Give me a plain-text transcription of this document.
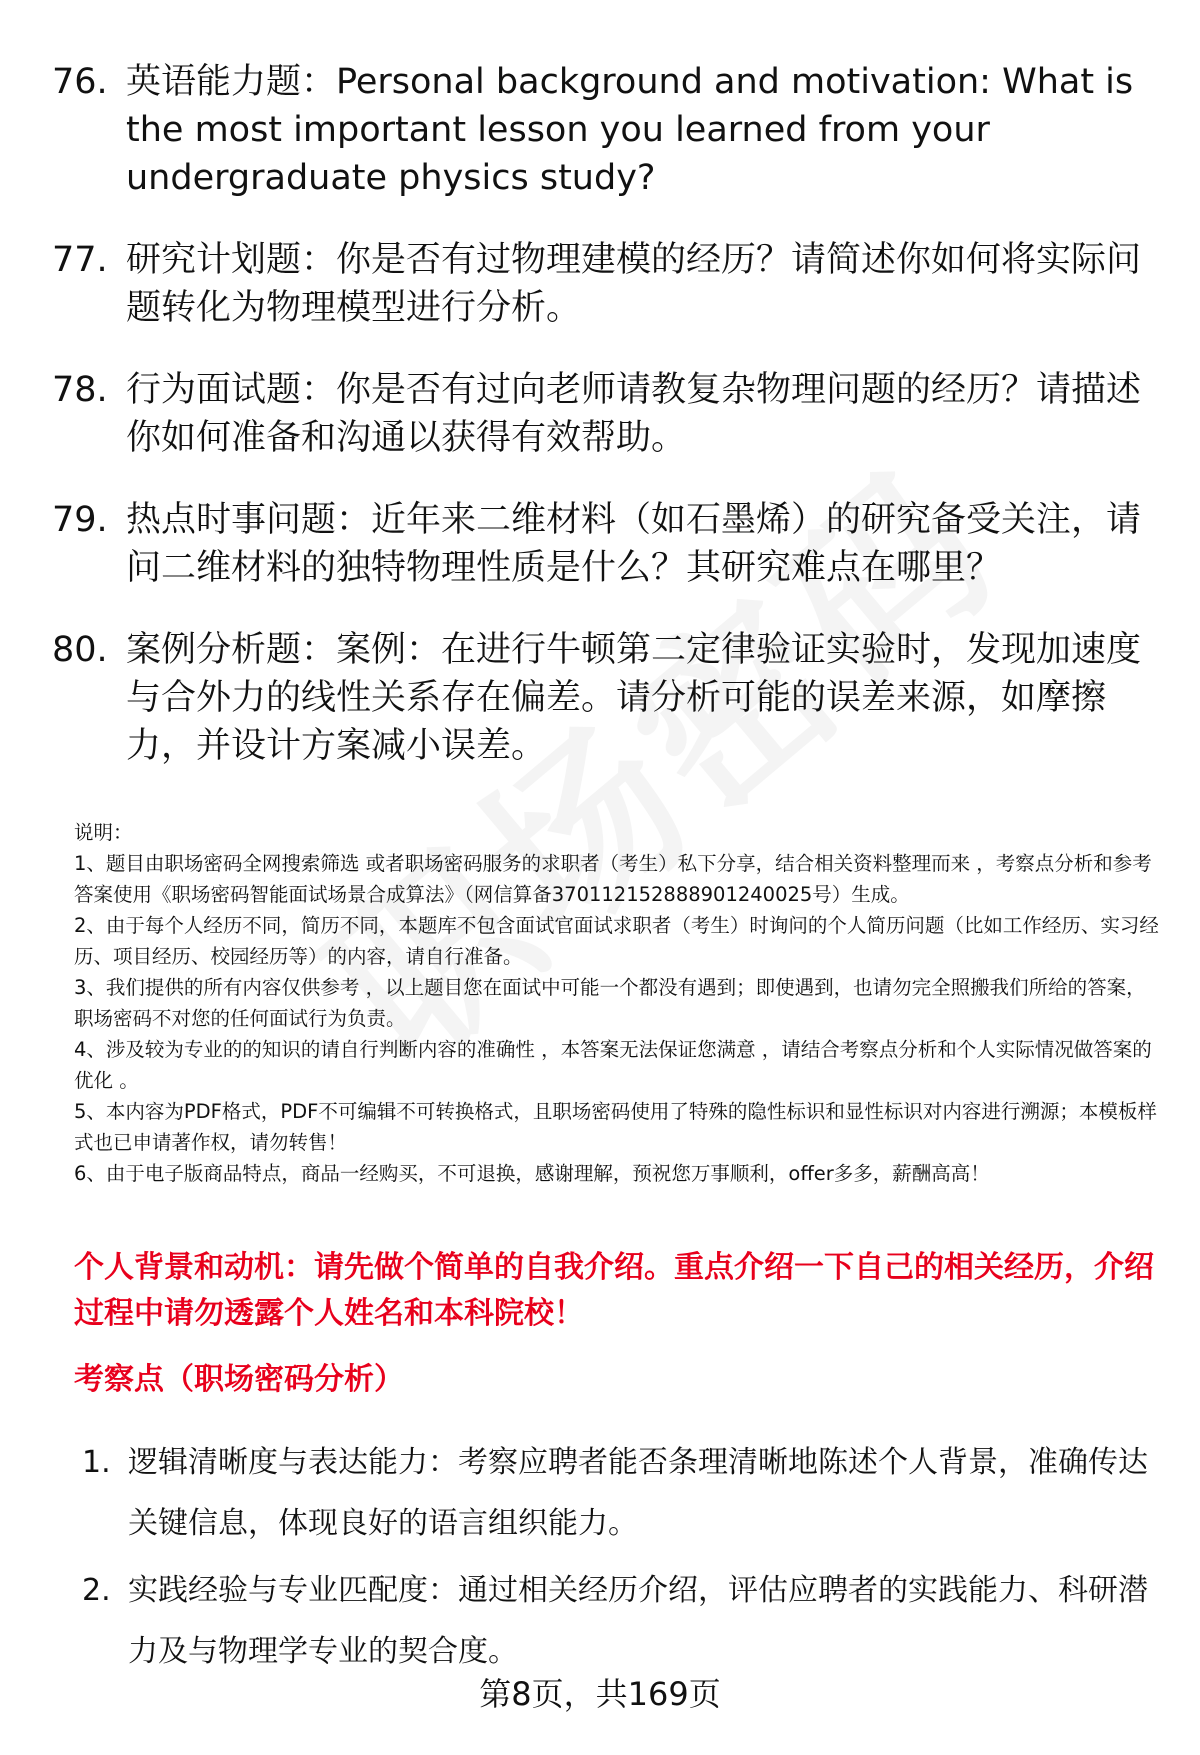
76. 英语能力题：Personal background and motivation: What is the most important lesson you learned from your undergraduate physics study?
77. 研究计划题：你是否有过物理建模的经历？请简述你如何将实际问题转化为物理模型进行分析。
78. 行为面试题：你是否有过向老师请教复杂物理问题的经历？请描述你如何准备和沟通以获得有效帮助。
79. 热点时事问题：近年来二维材料（如石墨烯）的研究备受关注，请问二维材料的独特物理性质是什么？其研究难点在哪里？
80. 案例分析题：案例：在进行牛顿第二定律验证实验时，发现加速度与合外力的线性关系存在偏差。请分析可能的误差来源，如摩擦力，并设计方案减小误差。
说明：
1、题目由职场密码全网搜索筛选 或者职场密码服务的求职者（考生）私下分享，结合相关资料整理而来 ，考察点分析和参考答案使用《职场密码智能面试场景合成算法》（网信算备370112152888901240025号）生成。
2、由于每个人经历不同，简历不同，本题库不包含面试官面试求职者（考生）时询问的个人简历问题（比如工作经历、实习经历、项目经历、校园经历等）的内容，请自行准备。
3、我们提供的所有内容仅供参考 ，以上题目您在面试中可能一个都没有遇到；即使遇到，也请勿完全照搬我们所给的答案，职场密码不对您的任何面试行为负责。
4、涉及较为专业的的知识的请自行判断内容的准确性 ，本答案无法保证您满意 ，请结合考察点分析和个人实际情况做答案的优化 。
5、本内容为PDF格式，PDF不可编辑不可转换格式，且职场密码使用了特殊的隐性标识和显性标识对内容进行溯源；本模板样式也已申请著作权，请勿转售！
6、由于电子版商品特点，商品一经购买，不可退换，感谢理解，预祝您万事顺利，offer多多，薪酬高高！
个人背景和动机：请先做个简单的自我介绍。重点介绍一下自己的相关经历，介绍过程中请勿透露个人姓名和本科院校！
考察点（职场密码分析）
1. 逻辑清晰度与表达能力：考察应聘者能否条理清晰地陈述个人背景，准确传达关键信息，体现良好的语言组织能力。
2. 实践经验与专业匹配度：通过相关经历介绍，评估应聘者的实践能力、科研潜力及与物理学专业的契合度。
第8页，共169页
